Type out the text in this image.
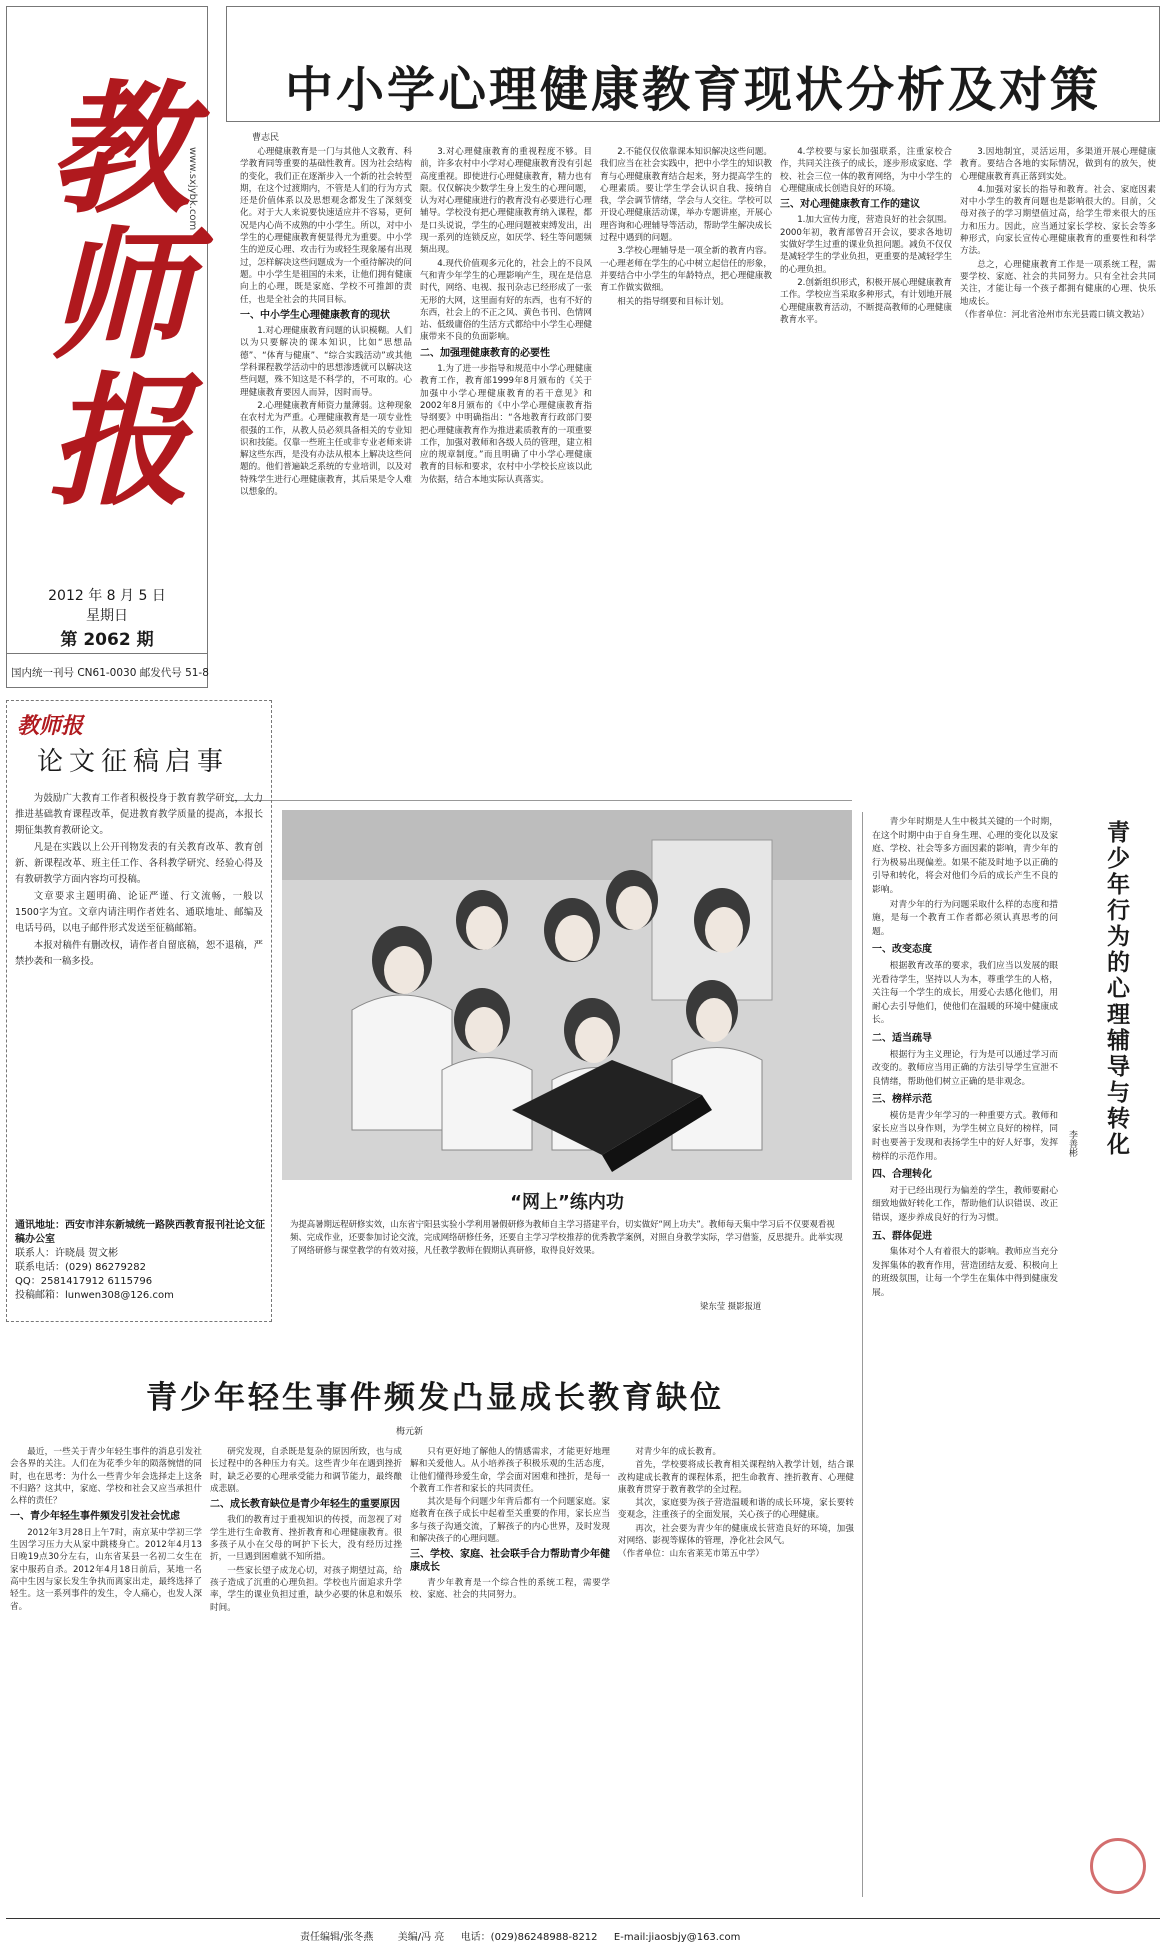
教师报
www.sxjybk.com
2012 年 8 月 5 日
星期日
第 2062 期
国内统一刊号 CN61-0030 邮发代号 51-8
中小学心理健康教育现状分析及对策
曹志民

心理健康教育是一门与其他人文教育、科学教育同等重要的基础性教育。因为社会结构的变化，我们正在逐渐步入一个新的社会转型期，在这个过渡期内，不管是人们的行为方式还是价值体系以及思想观念都发生了深刻变化。对于大人来说要快速适应并不容易，更何况是内心尚不成熟的中小学生。所以，对中小学生的心理健康教育便显得尤为重要。中小学生的逆反心理、攻击行为或轻生现象屡有出现过，怎样解决这些问题成为一个亟待解决的问题。中小学生是祖国的未来，让他们拥有健康向上的心理，既是家庭、学校不可推卸的责任，也是全社会的共同目标。

一、中小学生心理健康教育的现状

1.对心理健康教育问题的认识模糊。人们以为只要解决的课本知识，比如“思想品德”、“体育与健康”、“综合实践活动”或其他学科课程教学活动中的思想渗透就可以解决这些问题，殊不知这是不科学的，不可取的。心理健康教育要因人而异，因时而导。

2.心理健康教育师资力量薄弱。这种现象在农村尤为严重。心理健康教育是一项专业性很强的工作，从教人员必须具备相关的专业知识和技能。仅靠一些班主任或非专业老师来讲解这些东西，是没有办法从根本上解决这些问题的。他们普遍缺乏系统的专业培训，以及对特殊学生进行心理健康教育，其后果是令人难以想象的。

3.对心理健康教育的重视程度不够。目前，许多农村中小学对心理健康教育没有引起高度重视。即使进行心理健康教育，精力也有限。仅仅解决少数学生身上发生的心理问题，认为对心理健康进行的教育没有必要进行心理辅导。学校没有把心理健康教育纳入课程，都是口头说说，学生的心理问题被束缚发出，出现一系列的连锁反应，如厌学、轻生等问题频频出现。

4.现代价值观多元化的，社会上的不良风气和青少年学生的心理影响产生，现在是信息时代，网络、电视、报刊杂志已经形成了一张无形的大网，这里面有好的东西，也有不好的东西，社会上的不正之风、黄色书刊、色情网站、低级庸俗的生活方式都给中小学生心理健康带来不良的负面影响。

二、加强理健康教育的必要性

1.为了进一步指导和规范中小学心理健康教育工作，教育部1999年8月颁布的《关于加强中小学心理健康教育的若干意见》和2002年8月颁布的《中小学心理健康教育指导纲要》中明确指出：“各地教育行政部门要把心理健康教育作为推进素质教育的一项重要工作，加强对教师和各级人员的管理，建立相应的规章制度。”而且明确了中小学心理健康教育的目标和要求，农村中小学校长应该以此为依据，结合本地实际认真落实。

2.不能仅仅依靠课本知识解决这些问题。我们应当在社会实践中，把中小学生的知识教育与心理健康教育结合起来，努力提高学生的心理素质。要让学生学会认识自我、接纳自我，学会调节情绪，学会与人交往。学校可以开设心理健康活动课，举办专题讲座，开展心理咨询和心理辅导等活动，帮助学生解决成长过程中遇到的问题。

3.学校心理辅导是一项全新的教育内容。一心理老师在学生的心中树立起信任的形象，并要结合中小学生的年龄特点，把心理健康教育工作做实做细。

相关的指导纲要和目标计划。

4.学校要与家长加强联系，注重家校合作，共同关注孩子的成长，逐步形成家庭、学校、社会三位一体的教育网络，为中小学生的心理健康成长创造良好的环境。

三、对心理健康教育工作的建议

1.加大宣传力度，营造良好的社会氛围。2000年初，教育部曾召开会议，要求各地切实做好学生过重的课业负担问题。减负不仅仅是减轻学生的学业负担，更重要的是减轻学生的心理负担。

2.创新组织形式，积极开展心理健康教育工作。学校应当采取多种形式，有计划地开展心理健康教育活动，不断提高教师的心理健康教育水平。

3.因地制宜，灵活运用，多渠道开展心理健康教育。要结合各地的实际情况，做到有的放矢，使心理健康教育真正落到实处。

4.加强对家长的指导和教育。社会、家庭因素对中小学生的教育问题也是影响很大的。目前，父母对孩子的学习期望值过高，给学生带来很大的压力和压力。因此，应当通过家长学校、家长会等多种形式，向家长宣传心理健康教育的重要性和科学方法。

总之，心理健康教育工作是一项系统工程，需要学校、家庭、社会的共同努力。只有全社会共同关注，才能让每一个孩子都拥有健康的心理、快乐地成长。

（作者单位：河北省沧州市东光县霞口镇文教站）

教师报
论文征稿启事

为鼓励广大教育工作者积极投身于教育教学研究，大力推进基础教育课程改革，促进教育教学质量的提高，本报长期征集教育教研论文。

凡是在实践以上公开刊物发表的有关教育改革、教育创新、新课程改革、班主任工作、各科教学研究、经验心得及有教研教学方面内容均可投稿。

文章要求主题明确、论证严谨、行文流畅，一般以1500字为宜。文章内请注明作者姓名、通联地址、邮编及电话号码，以电子邮件形式发送至征稿邮箱。

本报对稿件有删改权，请作者自留底稿，恕不退稿，严禁抄袭和一稿多投。

通讯地址：西安市沣东新城统一路陕西教育报刊社论文征稿办公室
联系人：许晓晨 贺文彬
联系电话：(029) 86279282
QQ：2581417912 6115796
投稿邮箱：lunwen308@126.com
“网上”练内功
为提高暑期远程研修实效，山东省宁阳县实验小学利用暑假研修为教师自主学习搭建平台，切实做好“网上功夫”。教师每天集中学习后不仅要观看视频、完成作业，还要参加讨论交流，完成网络研修任务，还要自主学习学校推荐的优秀教学案例，对照自身教学实际，学习借鉴，反思提升。此举实现了网络研修与课堂教学的有效对接，凡任教学教师在假期认真研修，取得良好效果。
梁东莹 摄影报道
青少年行为的心理辅导与转化
李善彬

青少年时期是人生中极其关键的一个时期，在这个时期中由于自身生理、心理的变化以及家庭、学校、社会等多方面因素的影响，青少年的行为极易出现偏差。如果不能及时地予以正确的引导和转化，将会对他们今后的成长产生不良的影响。

对青少年的行为问题采取什么样的态度和措施，是每一个教育工作者都必须认真思考的问题。

一、改变态度

根据教育改革的要求，我们应当以发展的眼光看待学生，坚持以人为本，尊重学生的人格，关注每一个学生的成长，用爱心去感化他们，用耐心去引导他们，使他们在温暖的环境中健康成长。

二、适当疏导

根据行为主义理论，行为是可以通过学习而改变的。教师应当用正确的方法引导学生宣泄不良情绪，帮助他们树立正确的是非观念。

三、榜样示范

模仿是青少年学习的一种重要方式。教师和家长应当以身作则，为学生树立良好的榜样，同时也要善于发现和表扬学生中的好人好事，发挥榜样的示范作用。

四、合理转化

对于已经出现行为偏差的学生，教师要耐心细致地做好转化工作，帮助他们认识错误、改正错误，逐步养成良好的行为习惯。

五、群体促进

集体对个人有着很大的影响。教师应当充分发挥集体的教育作用，营造团结友爱、积极向上的班级氛围，让每一个学生在集体中得到健康发展。

青少年轻生事件频发凸显成长教育缺位
梅元新

最近，一些关于青少年轻生事件的消息引发社会各界的关注。人们在为花季少年的陨落惋惜的同时，也在思考：为什么一些青少年会选择走上这条不归路？这其中，家庭、学校和社会又应当承担什么样的责任？

一、青少年轻生事件频发引发社会忧虑

2012年3月28日上午7时，南京某中学初三学生因学习压力大从家中跳楼身亡。2012年4月13日晚19点30分左右，山东省某县一名初二女生在家中服药自杀。2012年4月18日前后，某地一名高中生因与家长发生争执而离家出走，最终选择了轻生。这一系列事件的发生，令人痛心，也发人深省。

研究发现，自杀既是复杂的原因所致，也与成长过程中的各种压力有关。这些青少年在遇到挫折时，缺乏必要的心理承受能力和调节能力，最终酿成悲剧。

二、成长教育缺位是青少年轻生的重要原因

我们的教育过于重视知识的传授，而忽视了对学生进行生命教育、挫折教育和心理健康教育。很多孩子从小在父母的呵护下长大，没有经历过挫折，一旦遇到困难就不知所措。

一些家长望子成龙心切，对孩子期望过高，给孩子造成了沉重的心理负担。学校也片面追求升学率，学生的课业负担过重，缺少必要的休息和娱乐时间。

只有更好地了解他人的情感需求，才能更好地理解和关爱他人。从小培养孩子积极乐观的生活态度，让他们懂得珍爱生命，学会面对困难和挫折，是每一个教育工作者和家长的共同责任。

其次是每个问题少年背后都有一个问题家庭。家庭教育在孩子成长中起着至关重要的作用，家长应当多与孩子沟通交流，了解孩子的内心世界，及时发现和解决孩子的心理问题。

三、学校、家庭、社会联手合力帮助青少年健康成长

青少年教育是一个综合性的系统工程，需要学校、家庭、社会的共同努力。

对青少年的成长教育。

首先，学校要将成长教育相关课程纳入教学计划，结合课改构建成长教育的课程体系，把生命教育、挫折教育、心理健康教育贯穿于教育教学的全过程。

其次，家庭要为孩子营造温暖和谐的成长环境，家长要转变观念，注重孩子的全面发展，关心孩子的心理健康。

再次，社会要为青少年的健康成长营造良好的环境，加强对网络、影视等媒体的管理，净化社会风气。

（作者单位：山东省莱芜市第五中学）

责任编辑/张冬燕 美编/冯 亮 电话：(029)86248988-8212 E-mail:jiaosbjy@163.com
